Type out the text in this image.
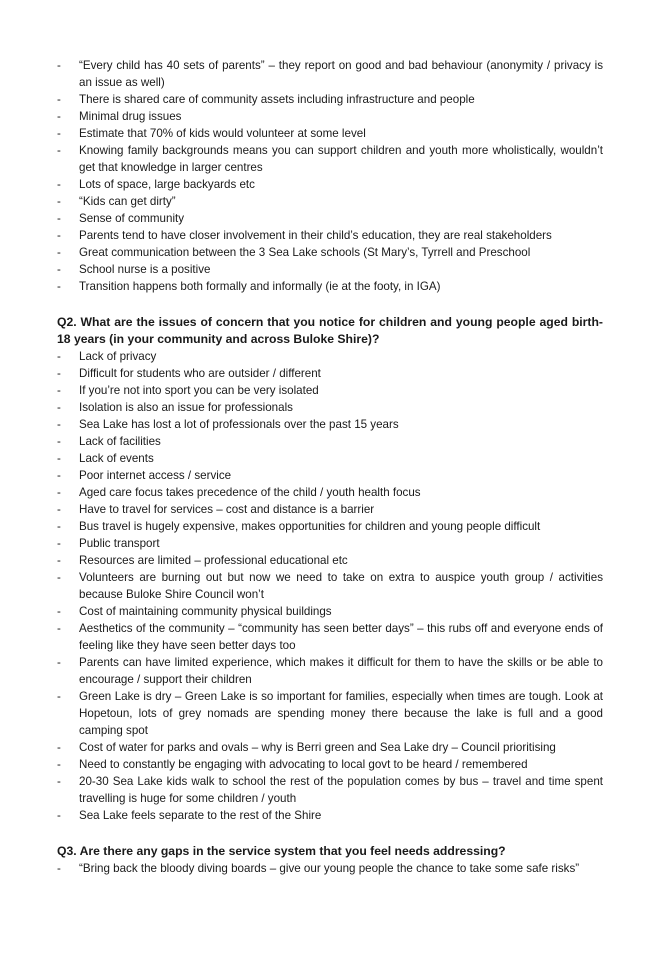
-	“Every child has 40 sets of parents” – they report on good and bad behaviour (anonymity / privacy is an issue as well)
-	There is shared care of community assets including infrastructure and people
-	Minimal drug issues
-	Estimate that 70% of kids would volunteer at some level
-	Knowing family backgrounds means you can support children and youth more wholistically, wouldn’t get that knowledge in larger centres
-	Lots of space, large backyards etc
-	“Kids can get dirty”
-	Sense of community
-	Parents tend to have closer involvement in their child’s education, they are real stakeholders
-	Great communication between the 3 Sea Lake schools (St Mary’s, Tyrrell and Preschool
-	School nurse is a positive
-	Transition happens both formally and informally (ie at the footy, in IGA)

Q2. What are the issues of concern that you notice for children and young people aged birth-18 years (in your community and across Buloke Shire)?

-	Lack of privacy
-	Difficult for students who are outsider / different
-	If you’re not into sport you can be very isolated
-	Isolation is also an issue for professionals
-	Sea Lake has lost a lot of professionals over the past 15 years
-	Lack of facilities
-	Lack of events
-	Poor internet access / service
-	Aged care focus takes precedence of the child / youth health focus
-	Have to travel for services – cost and distance is a barrier
-	Bus travel is hugely expensive, makes opportunities for children and young people difficult
-	Public transport
-	Resources are limited – professional educational etc
-	Volunteers are burning out but now we need to take on extra to auspice youth group / activities because Buloke Shire Council won’t
-	Cost of maintaining community physical buildings
-	Aesthetics of the community – “community has seen better days” – this rubs off and everyone ends of feeling like they have seen better days too
-	Parents can have limited experience, which makes it difficult for them to have the skills or be able to encourage / support their children
-	Green Lake is dry – Green Lake is so important for families, especially when times are tough. Look at Hopetoun, lots of grey nomads are spending money there because the lake is full and a good camping spot
-	Cost of water for parks and ovals – why is Berri green and Sea Lake dry – Council prioritising
-	Need to constantly be engaging with advocating to local govt to be heard / remembered
-	20-30 Sea Lake kids walk to school the rest of the population comes by bus – travel and time spent travelling is huge for some children / youth
-	Sea Lake feels separate to the rest of the Shire

Q3. Are there any gaps in the service system that you feel needs addressing?

-	“Bring back the bloody diving boards – give our young people the chance to take some safe risks”
